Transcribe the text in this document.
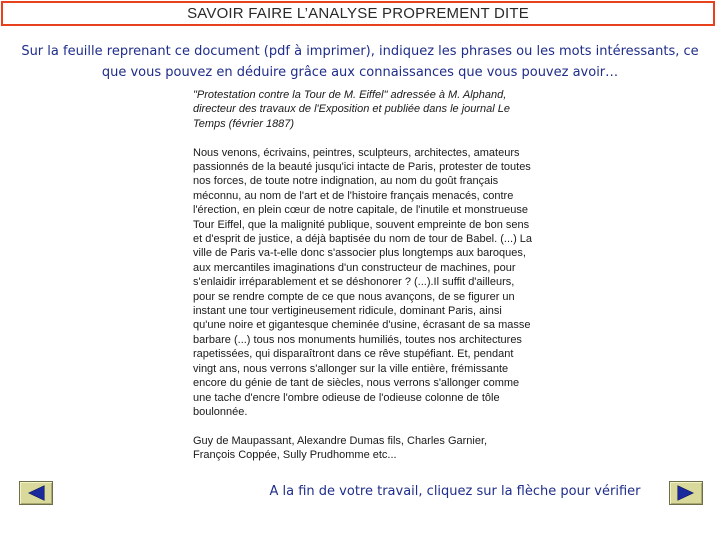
SAVOIR FAIRE L’ANALYSE PROPREMENT DITE
Sur la feuille reprenant ce document (pdf à imprimer), indiquez les phrases ou les mots intéressants, ce
que vous pouvez en déduire grâce aux connaissances que vous pouvez avoir…

"Protestation contre la Tour de M. Eiffel" adressée à M. Alphand,
directeur des travaux de l'Exposition et publiée dans le journal Le
Temps (février 1887)

Nous venons, écrivains, peintres, sculpteurs, architectes, amateurs
passionnés de la beauté jusqu'ici intacte de Paris, protester de toutes
nos forces, de toute notre indignation, au nom du goût français
méconnu, au nom de l'art et de l'histoire français menacés, contre
l'érection, en plein cœur de notre capitale, de l'inutile et monstrueuse
Tour Eiffel, que la malignité publique, souvent empreinte de bon sens
et d'esprit de justice, a déjà baptisée du nom de tour de Babel. (...) La
ville de Paris va-t-elle donc s'associer plus longtemps aux baroques,
aux mercantiles imaginations d'un constructeur de machines, pour
s'enlaidir irréparablement et se déshonorer ? (...).Il suffit d'ailleurs,
pour se rendre compte de ce que nous avançons, de se figurer un
instant une tour vertigineusement ridicule, dominant Paris, ainsi
qu'une noire et gigantesque cheminée d'usine, écrasant de sa masse
barbare (...) tous nos monuments humiliés, toutes nos architectures
rapetissées, qui disparaîtront dans ce rêve stupéfiant. Et, pendant
vingt ans, nous verrons s'allonger sur la ville entière, frémissante
encore du génie de tant de siècles, nous verrons s'allonger comme
une tache d'encre l'ombre odieuse de l'odieuse colonne de tôle
boulonnée.

Guy de Maupassant, Alexandre Dumas fils, Charles Garnier,
François Coppée, Sully Prudhomme etc...

A la fin de votre travail, cliquez sur la flèche pour vérifier
